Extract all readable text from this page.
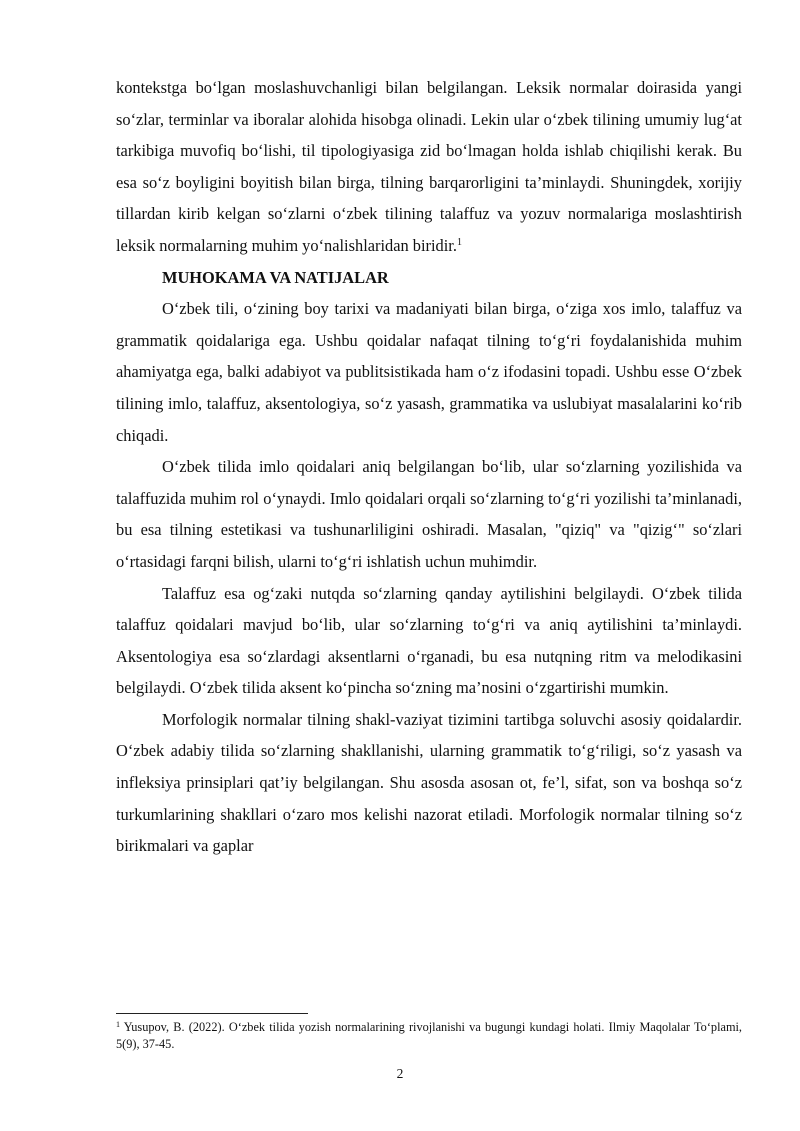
kontekstga bo‘lgan moslashuvchanligi bilan belgilangan. Leksik normalar doirasida yangi so‘zlar, terminlar va iboralar alohida hisobga olinadi. Lekin ular o‘zbek tilining umumiy lug‘at tarkibiga muvofiq bo‘lishi, til tipologiyasiga zid bo‘lmagan holda ishlab chiqilishi kerak. Bu esa so‘z boyligini boyitish bilan birga, tilning barqarorligini ta’minlaydi. Shuningdek, xorijiy tillardan kirib kelgan so‘zlarni o‘zbek tilining talaffuz va yozuv normalariga moslashtirish leksik normalarning muhim yo‘nalishlaridan biridir.$^1$

MUHOKAMA VA NATIJALAR

O‘zbek tili, o‘zining boy tarixi va madaniyati bilan birga, o‘ziga xos imlo, talaffuz va grammatik qoidalariga ega. Ushbu qoidalar nafaqat tilning to‘g‘ri foydalanishida muhim ahamiyatga ega, balki adabiyot va publitsistikada ham o‘z ifodasini topadi. Ushbu esse O‘zbek tilining imlo, talaffuz, aksentologiya, so‘z yasash, grammatika va uslubiyat masalalarini ko‘rib chiqadi.

O‘zbek tilida imlo qoidalari aniq belgilangan bo‘lib, ular so‘zlarning yozilishida va talaffuzida muhim rol o‘ynaydi. Imlo qoidalari orqali so‘zlarning to‘g‘ri yozilishi ta’minlanadi, bu esa tilning estetikasi va tushunarliligini oshiradi. Masalan, "qiziq" va "qizig‘" so‘zlari o‘rtasidagi farqni bilish, ularni to‘g‘ri ishlatish uchun muhimdir.

Talaffuz esa og‘zaki nutqda so‘zlarning qanday aytilishini belgilaydi. O‘zbek tilida talaffuz qoidalari mavjud bo‘lib, ular so‘zlarning to‘g‘ri va aniq aytilishini ta’minlaydi. Aksentologiya esa so‘zlardagi aksentlarni o‘rganadi, bu esa nutqning ritm va melodikasini belgilaydi. O‘zbek tilida aksent ko‘pincha so‘zning ma’nosini o‘zgartirishi mumkin.

Morfologik normalar tilning shakl-vaziyat tizimini tartibga soluvchi asosiy qoidalardir. O‘zbek adabiy tilida so‘zlarning shakllanishi, ularning grammatik to‘g‘riligi, so‘z yasash va infleksiya prinsiplari qat’iy belgilangan. Shu asosda asosan ot, fe’l, sifat, son va boshqa so‘z turkumlarining shakllari o‘zaro mos kelishi nazorat etiladi. Morfologik normalar tilning so‘z birikmalari va gaplar

$^1$ Yusupov, B. (2022). O‘zbek tilida yozish normalarining rivojlanishi va bugungi kundagi holati. Ilmiy Maqolalar To‘plami, 5(9), 37-45.

2
